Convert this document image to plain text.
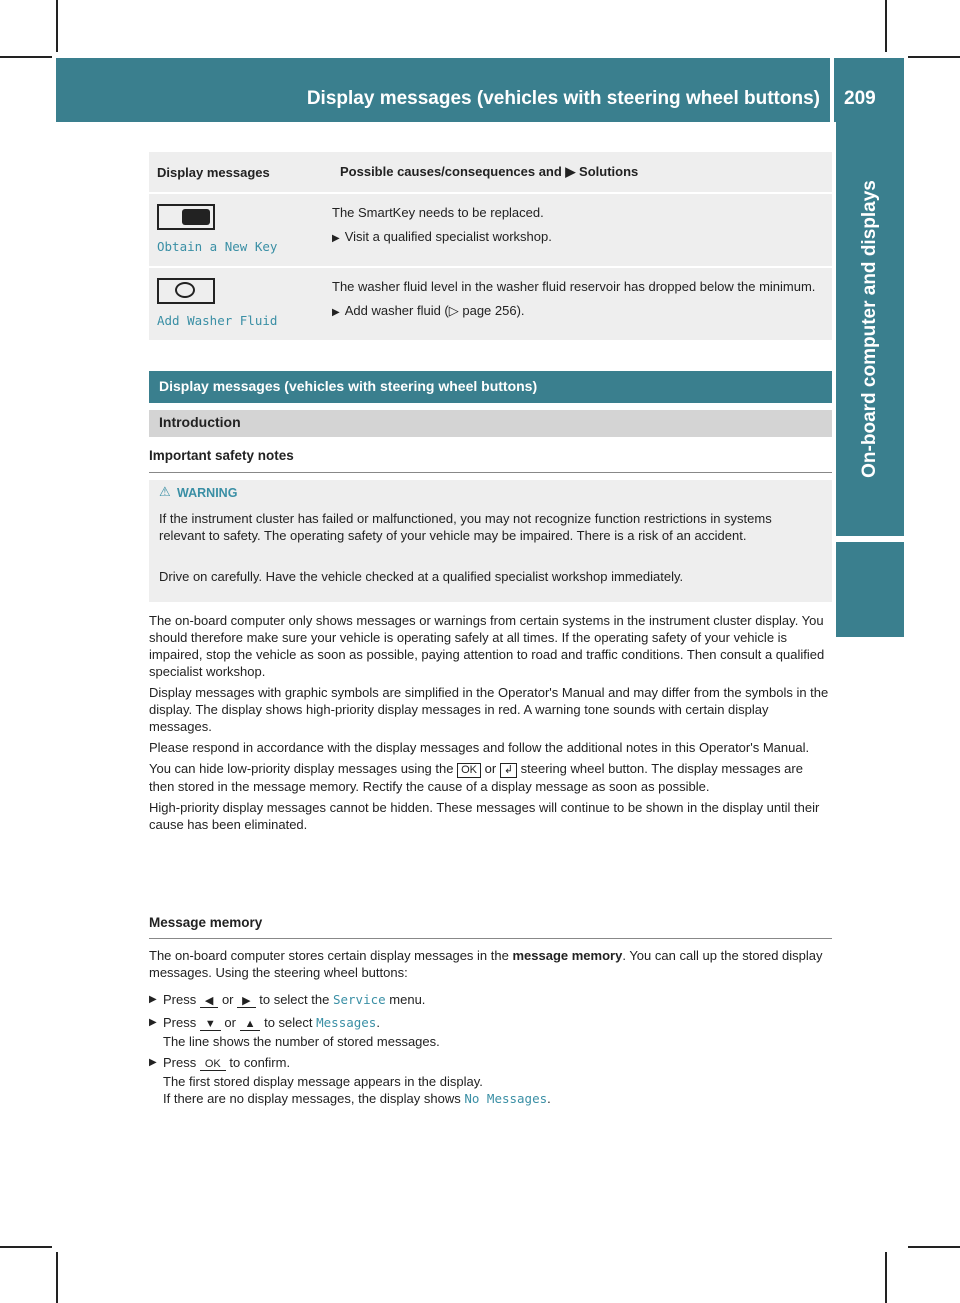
Display messages (vehicles with steering wheel buttons) 209
On-board computer and displays
Display messages	Possible causes/consequences and ▶ Solutions
Obtain a New Key
The SmartKey needs to be replaced.
▶ Visit a qualified specialist workshop.
Add Washer Fluid
The washer fluid level in the washer fluid reservoir has dropped below the minimum.
▶ Add washer fluid (▷ page 256).
Display messages (vehicles with steering wheel buttons)
Introduction
Important safety notes
⚠ WARNING
If the instrument cluster has failed or malfunctioned, you may not recognize function restrictions in systems relevant to safety. The operating safety of your vehicle may be impaired. There is a risk of an accident.
Drive on carefully. Have the vehicle checked at a qualified specialist workshop immediately.

The on-board computer only shows messages or warnings from certain systems in the instrument cluster display. You should therefore make sure your vehicle is operating safely at all times. If the operating safety of your vehicle is impaired, stop the vehicle as soon as possible, paying attention to road and traffic conditions. Then consult a qualified specialist workshop.

Display messages with graphic symbols are simplified in the Operator's Manual and may differ from the symbols in the display. The display shows high-priority display messages in red. A warning tone sounds with certain display messages.

Please respond in accordance with the display messages and follow the additional notes in this Operator's Manual.

You can hide low-priority display messages using the OK or ↲ steering wheel button. The display messages are then stored in the message memory. Rectify the cause of a display message as soon as possible.

High-priority display messages cannot be hidden. These messages will continue to be shown in the display until their cause has been eliminated.

Message memory

The on-board computer stores certain display messages in the message memory. You can call up the stored display messages. Using the steering wheel buttons:

▶ Press ◀ or ▶ to select the Service menu.
▶ Press ▼ or ▲ to select Messages.
The line shows the number of stored messages.
▶ Press OK to confirm.
The first stored display message appears in the display.
If there are no display messages, the display shows No Messages.
